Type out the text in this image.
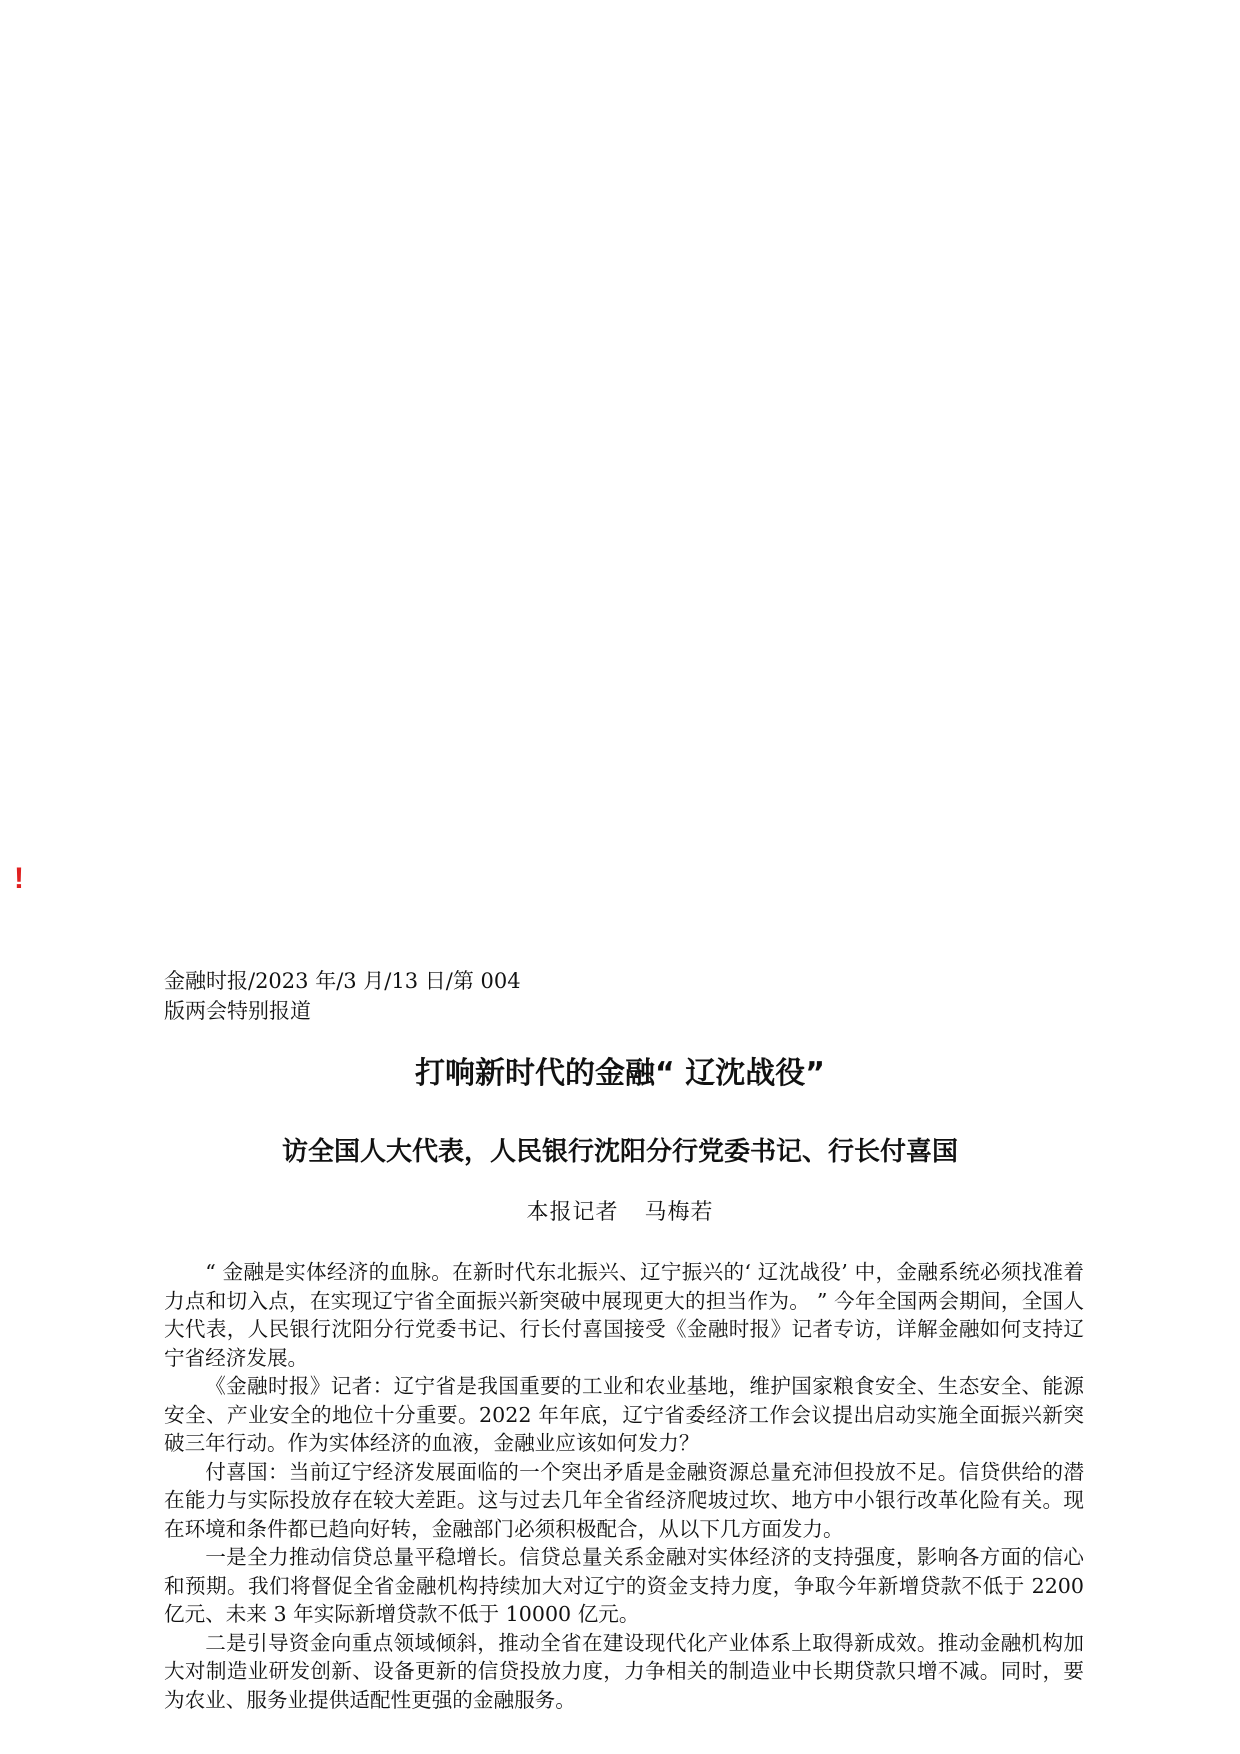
!
金融时报/2023 年/3 月/13 日/第 004
版两会特别报道
打响新时代的金融“ 辽沈战役”
访全国人大代表，人民银行沈阳分行党委书记、行长付喜国
本报记者 马梅若

“ 金融是实体经济的血脉。在新时代东北振兴、辽宁振兴的‘ 辽沈战役’ 中，金融系统必须找准着力点和切入点，在实现辽宁省全面振兴新突破中展现更大的担当作为。 ” 今年全国两会期间，全国人大代表，人民银行沈阳分行党委书记、行长付喜国接受《金融时报》记者专访，详解金融如何支持辽宁省经济发展。

《金融时报》记者：辽宁省是我国重要的工业和农业基地，维护国家粮食安全、生态安全、能源安全、产业安全的地位十分重要。2022 年年底，辽宁省委经济工作会议提出启动实施全面振兴新突破三年行动。作为实体经济的血液，金融业应该如何发力？

付喜国：当前辽宁经济发展面临的一个突出矛盾是金融资源总量充沛但投放不足。信贷供给的潜在能力与实际投放存在较大差距。这与过去几年全省经济爬坡过坎、地方中小银行改革化险有关。现在环境和条件都已趋向好转，金融部门必须积极配合，从以下几方面发力。

一是全力推动信贷总量平稳增长。信贷总量关系金融对实体经济的支持强度，影响各方面的信心和预期。我们将督促全省金融机构持续加大对辽宁的资金支持力度，争取今年新增贷款不低于 2200 亿元、未来 3 年实际新增贷款不低于 10000 亿元。

二是引导资金向重点领域倾斜，推动全省在建设现代化产业体系上取得新成效。推动金融机构加大对制造业研发创新、设备更新的信贷投放力度，力争相关的制造业中长期贷款只增不减。同时，要为农业、服务业提供适配性更强的金融服务。
